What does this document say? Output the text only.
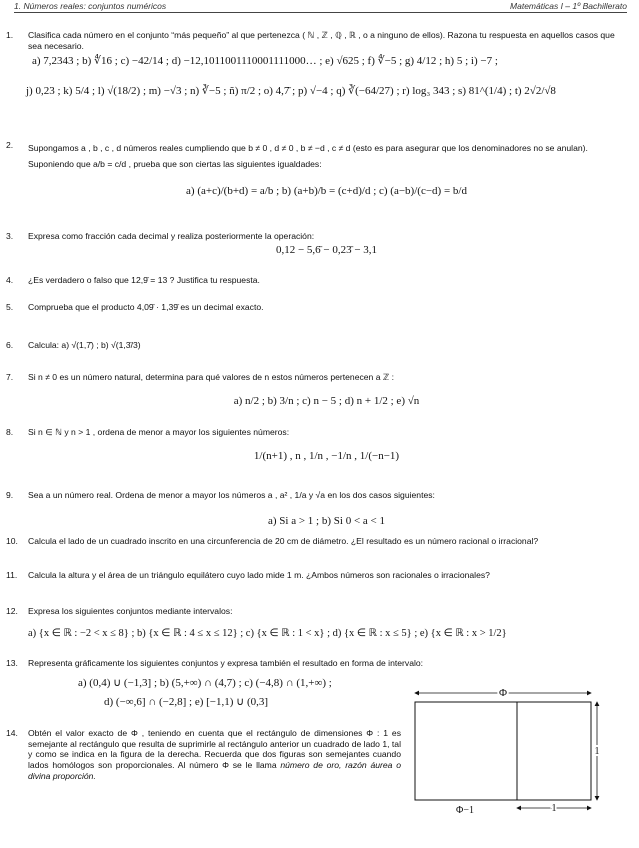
1. Números reales: conjuntos numéricos	Matemáticas I – 1º Bachillerato
1. Clasifica cada número en el conjunto “más pequeño” al que pertenezca ( ℕ , ℤ , ℚ , ℝ , o a ninguno de ellos). Razona tu respuesta en aquellos casos que sea necesario.
a) 7,2343 ; b) ∜16 ; c) −42/14 ; d) −12,1011001110001111000… ; e) √625 ; f) ∜−5 ; g) 4/12 ; h) 5 ; i) −7 ;
j) 0,23 ; k) 5/4 ; l) √(18/2) ; m) −√3 ; n) ∛−5 ; ñ) π/2 ; o) 4,7̄ ; p) √−4 ; q) ∛(−64/27) ; r) log₃ 343 ; s) 81^(1/4) ; t) 2√2/√8
2. Supongamos a , b , c , d números reales cumpliendo que b ≠ 0 , d ≠ 0 , b ≠ −d , c ≠ d (esto es para asegurar que los denominadores no se anulan). Suponiendo que a/b = c/d , prueba que son ciertas las siguientes igualdades:
a) (a+c)/(b+d) = a/b ; b) (a+b)/b = (c+d)/d ; c) (a−b)/(c−d) = b/d
3. Expresa como fracción cada decimal y realiza posteriormente la operación:
0,12 − 5,6̄ − 0,23̄ − 3,1
4. ¿Es verdadero o falso que 12,9̄ = 13 ? Justifica tu respuesta.
5. Comprueba que el producto 4,09̄ · 1,39̄ es un decimal exacto.
6. Calcula: a) √(1,7̄) ; b) √(1,3̄/3)
7. Si n ≠ 0 es un número natural, determina para qué valores de n estos números pertenecen a ℤ :
a) n/2 ; b) 3/n ; c) n − 5 ; d) n + 1/2 ; e) √n
8. Si n ∈ ℕ y n > 1 , ordena de menor a mayor los siguientes números:
1/(n+1) , n , 1/n , −1/n , 1/(−n−1)
9. Sea a un número real. Ordena de menor a mayor los números a , a² , 1/a y √a en los dos casos siguientes:
a) Si a > 1 ; b) Si 0 < a < 1
10. Calcula el lado de un cuadrado inscrito en una circunferencia de 20 cm de diámetro. ¿El resultado es un número racional o irracional?
11. Calcula la altura y el área de un triángulo equilátero cuyo lado mide 1 m. ¿Ambos números son racionales o irracionales?
12. Expresa los siguientes conjuntos mediante intervalos:
a) {x ∈ ℝ : −2 < x ≤ 8} ; b) {x ∈ ℝ : 4 ≤ x ≤ 12} ; c) {x ∈ ℝ : 1 < x} ; d) {x ∈ ℝ : x ≤ 5} ; e) {x ∈ ℝ : x > 1/2}
13. Representa gráficamente los siguientes conjuntos y expresa también el resultado en forma de intervalo:
a) (0,4) ∪ (−1,3] ; b) (5,+∞) ∩ (4,7) ; c) (−4,8) ∩ (1,+∞) ;
d) (−∞,6] ∩ (−2,8] ; e) [−1,1) ∪ (0,3]
14. Obtén el valor exacto de Φ , teniendo en cuenta que el rectángulo de dimensiones Φ : 1 es semejante al rectángulo que resulta de suprimirle al rectángulo anterior un cuadrado de lado 1, tal y como se indica en la figura de la derecha. Recuerda que dos figuras son semejantes cuando lados homólogos son proporcionales. Al número Φ se le llama número de oro, razón áurea o divina proporción.
Φ
1
Φ−1	1
